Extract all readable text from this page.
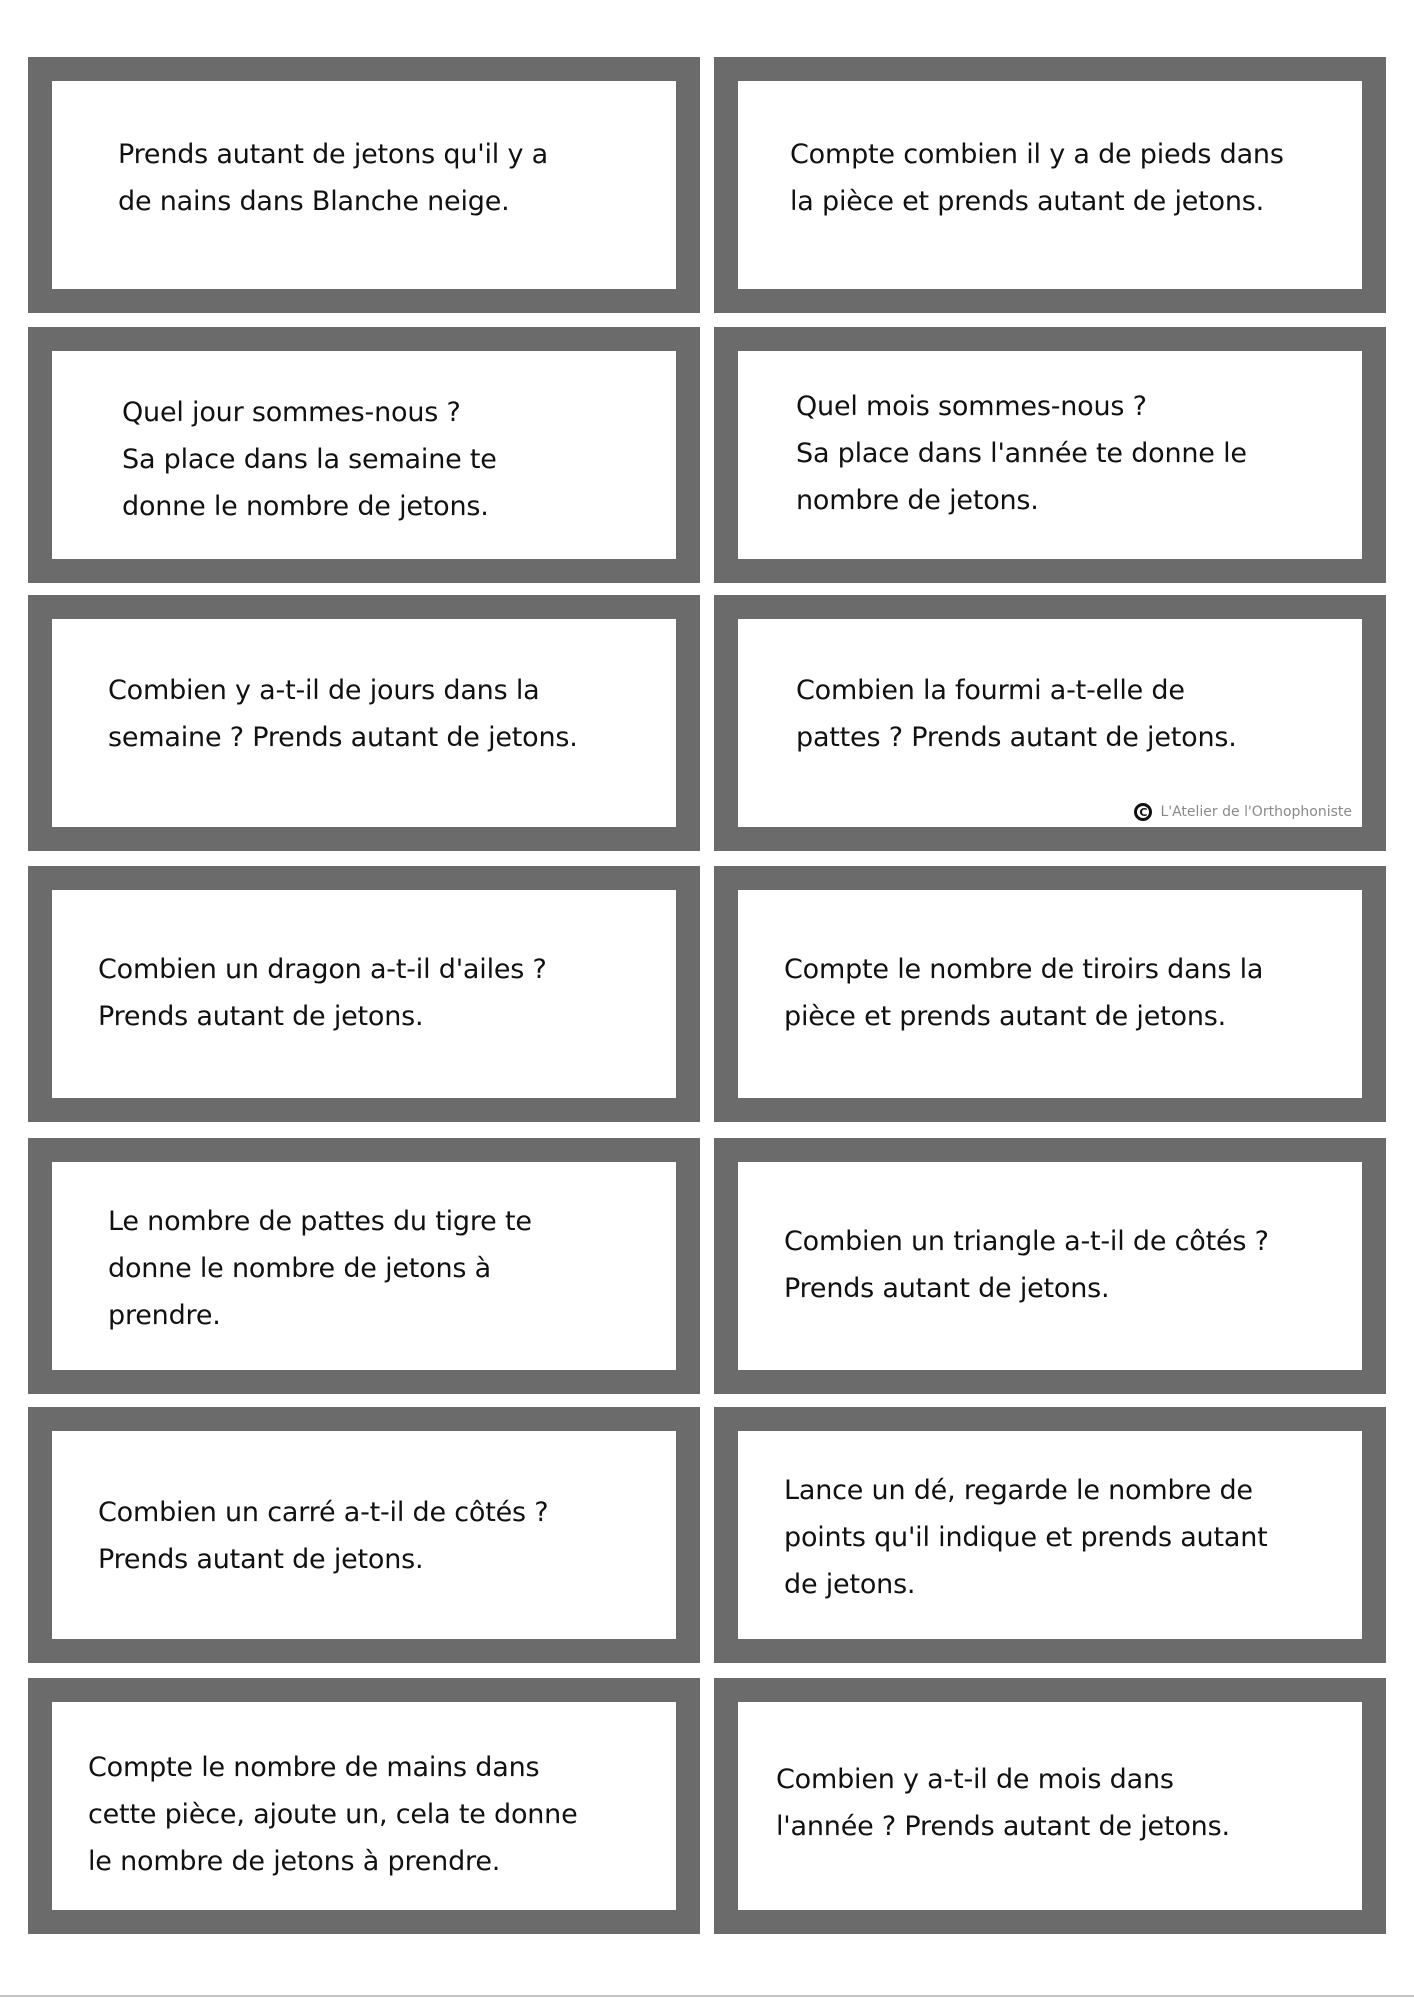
Prends autant de jetons qu'il y a
de nains dans Blanche neige.
Compte combien il y a de pieds dans
la pièce et prends autant de jetons.
Quel jour sommes-nous ?
Sa place dans la semaine te
donne le nombre de jetons.
Quel mois sommes-nous ?
Sa place dans l'année te donne le
nombre de jetons.
Combien y a-t-il de jours dans la
semaine ? Prends autant de jetons.
Combien la fourmi a-t-elle de
pattes ? Prends autant de jetons.
C L'Atelier de l'Orthophoniste
Combien un dragon a-t-il d'ailes ?
Prends autant de jetons.
Compte le nombre de tiroirs dans la
pièce et prends autant de jetons.
Le nombre de pattes du tigre te
donne le nombre de jetons à
prendre.
Combien un triangle a-t-il de côtés ?
Prends autant de jetons.
Combien un carré a-t-il de côtés ?
Prends autant de jetons.
Lance un dé, regarde le nombre de
points qu'il indique et prends autant
de jetons.
Compte le nombre de mains dans
cette pièce, ajoute un, cela te donne
le nombre de jetons à prendre.
Combien y a-t-il de mois dans
l'année ? Prends autant de jetons.
